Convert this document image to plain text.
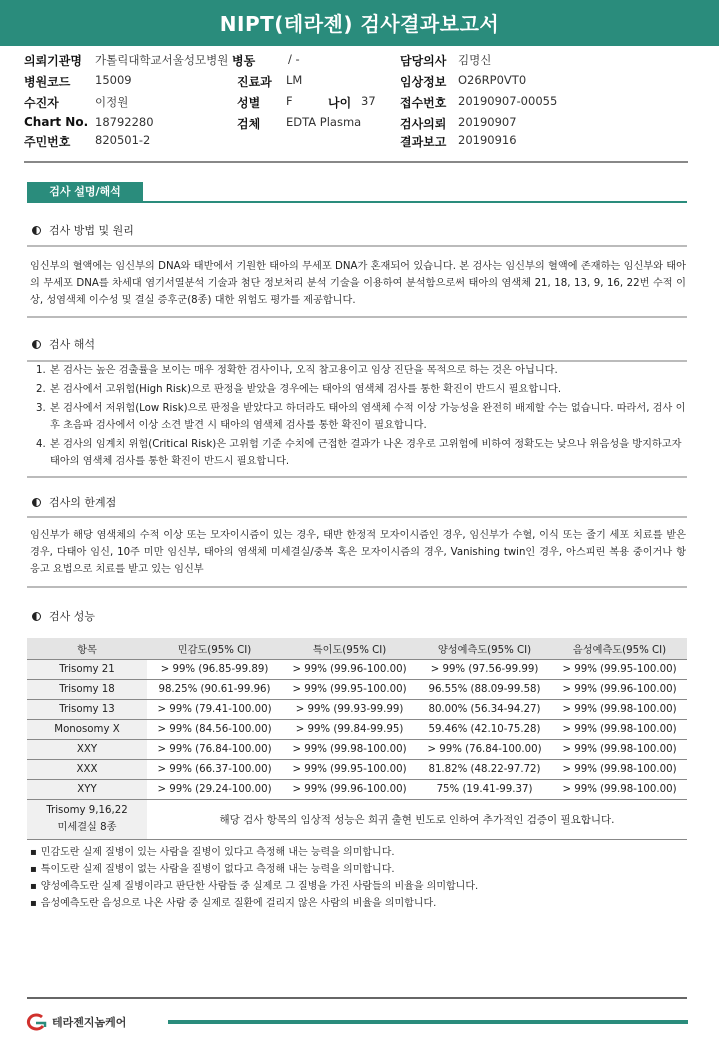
NIPT(테라젠) 검사결과보고서
의뢰기관명 가톨릭대학교서울성모병원 병동	/ -	담당의사 김명신
병원코드 15009	진료과 LM	임상정보 O26RP0VT0
수진자	이정원	성별 F	나이 37 접수번호 20190907-00055
Chart No. 18792280	검체 EDTA Plasma	검사의뢰 20190907
주민번호 820501-2	결과보고 20190916
검사 설명/해석
검사 방법 및 원리
임신부의 혈액에는 임신부의 DNA와 태반에서 기원한 태아의 무세포 DNA가 혼재되어 있습니다. 본 검사는 임신부의 혈액에 존재하는 임신부와 태아의 무세포 DNA를 차세대 염기서열분석 기술과 첨단 정보처리 분석 기술을 이용하여 분석함으로써 태아의 염색체 21, 18, 13, 9, 16, 22번 수적 이상, 성염색체 이수성 및 결실 증후군(8종) 대한 위험도 평가를 제공합니다.
검사 해석
1. 본 검사는 높은 검출률을 보이는 매우 정확한 검사이나, 오직 참고용이고 임상 진단을 목적으로 하는 것은 아닙니다.
2. 본 검사에서 고위험(High Risk)으로 판정을 받았을 경우에는 태아의 염색체 검사를 통한 확진이 반드시 필요합니다.
3. 본 검사에서 저위험(Low Risk)으로 판정을 받았다고 하더라도 태아의 염색체 수적 이상 가능성을 완전히 배제할 수는 없습니다. 따라서, 검사 이후 초음파 검사에서 이상 소견 발견 시 태아의 염색체 검사를 통한 확진이 필요합니다.
4. 본 검사의 임계치 위험(Critical Risk)은 고위험 기준 수치에 근접한 결과가 나온 경우로 고위험에 비하여 정확도는 낮으나 위음성을 방지하고자 태아의 염색체 검사를 통한 확진이 반드시 필요합니다.
검사의 한계점
임신부가 해당 염색체의 수적 이상 또는 모자이시즘이 있는 경우, 태반 한정적 모자이시즘인 경우, 임신부가 수혈, 이식 또는 줄기 세포 치료를 받은 경우, 다태아 임신, 10주 미만 임신부, 태아의 염색체 미세결실/중복 혹은 모자이시즘의 경우, Vanishing twin인 경우, 아스피린 복용 중이거나 항 응고 요법으로 치료를 받고 있는 임신부
검사 성능
항목	민감도(95% CI)	특이도(95% CI)	양성예측도(95% CI)	음성예측도(95% CI)
Trisomy 21	> 99% (96.85-99.89)	> 99% (99.96-100.00)	> 99% (97.56-99.99)	> 99% (99.95-100.00)
Trisomy 18	98.25% (90.61-99.96)	> 99% (99.95-100.00)	96.55% (88.09-99.58)	> 99% (99.96-100.00)
Trisomy 13	> 99% (79.41-100.00)	> 99% (99.93-99.99)	80.00% (56.34-94.27)	> 99% (99.98-100.00)
Monosomy X	> 99% (84.56-100.00)	> 99% (99.84-99.95)	59.46% (42.10-75.28)	> 99% (99.98-100.00)
XXY	> 99% (76.84-100.00)	> 99% (99.98-100.00)	> 99% (76.84-100.00)	> 99% (99.98-100.00)
XXX	> 99% (66.37-100.00)	> 99% (99.95-100.00)	81.82% (48.22-97.72)	> 99% (99.98-100.00)
XYY	> 99% (29.24-100.00)	> 99% (99.96-100.00)	75% (19.41-99.37)	> 99% (99.98-100.00)

Trisomy 9,16,22
미세결실 8종	해당 검사 항목의 임상적 성능은 희귀 출현 빈도로 인하여 추가적인 검증이 필요합니다.			
▪ 민감도란 실제 질병이 있는 사람을 질병이 있다고 측정해 내는 능력을 의미합니다.
▪ 특이도란 실제 질병이 없는 사람을 질병이 없다고 측정해 내는 능력을 의미합니다.
▪ 양성예측도란 실제 질병이라고 판단한 사람들 중 실제로 그 질병을 가진 사람들의 비율을 의미합니다.
▪ 음성예측도란 음성으로 나온 사람 중 실제로 질환에 걸리지 않은 사람의 비율을 의미합니다.
테라젠지놈케어
